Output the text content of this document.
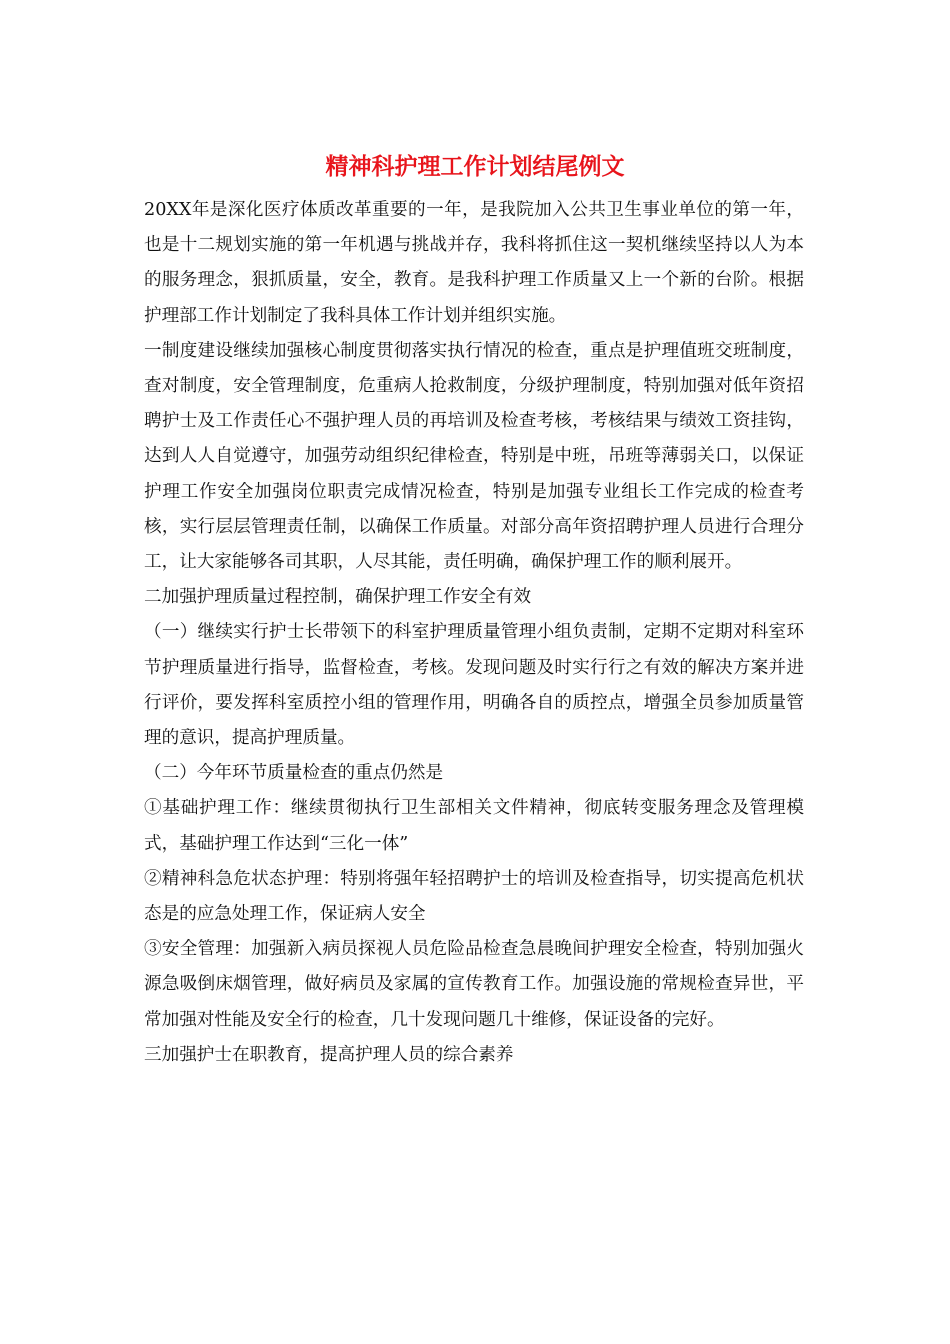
精神科护理工作计划结尾例文

20XX年是深化医疗体质改革重要的一年，是我院加入公共卫生事业单位的第一年，也是十二规划实施的第一年机遇与挑战并存，我科将抓住这一契机继续坚持以人为本的服务理念，狠抓质量，安全，教育。是我科护理工作质量又上一个新的台阶。根据护理部工作计划制定了我科具体工作计划并组织实施。

一制度建设继续加强核心制度贯彻落实执行情况的检查，重点是护理值班交班制度，查对制度，安全管理制度，危重病人抢救制度，分级护理制度，特别加强对低年资招聘护士及工作责任心不强护理人员的再培训及检查考核，考核结果与绩效工资挂钩，达到人人自觉遵守，加强劳动组织纪律检查，特别是中班，吊班等薄弱关口，以保证护理工作安全加强岗位职责完成情况检查，特别是加强专业组长工作完成的检查考核，实行层层管理责任制，以确保工作质量。对部分高年资招聘护理人员进行合理分工，让大家能够各司其职，人尽其能，责任明确，确保护理工作的顺利展开。

二加强护理质量过程控制，确保护理工作安全有效

（一）继续实行护士长带领下的科室护理质量管理小组负责制，定期不定期对科室环节护理质量进行指导，监督检查，考核。发现问题及时实行行之有效的解决方案并进行评价，要发挥科室质控小组的管理作用，明确各自的质控点，增强全员参加质量管理的意识，提高护理质量。

（二）今年环节质量检查的重点仍然是

①基础护理工作：继续贯彻执行卫生部相关文件精神，彻底转变服务理念及管理模式，基础护理工作达到“三化一体”

②精神科急危状态护理：特别将强年轻招聘护士的培训及检查指导，切实提高危机状态是的应急处理工作，保证病人安全

③安全管理：加强新入病员探视人员危险品检查急晨晚间护理安全检查，特别加强火源急吸倒床烟管理，做好病员及家属的宣传教育工作。加强设施的常规检查异世，平常加强对性能及安全行的检查，几十发现问题几十维修，保证设备的完好。

三加强护士在职教育，提高护理人员的综合素养
